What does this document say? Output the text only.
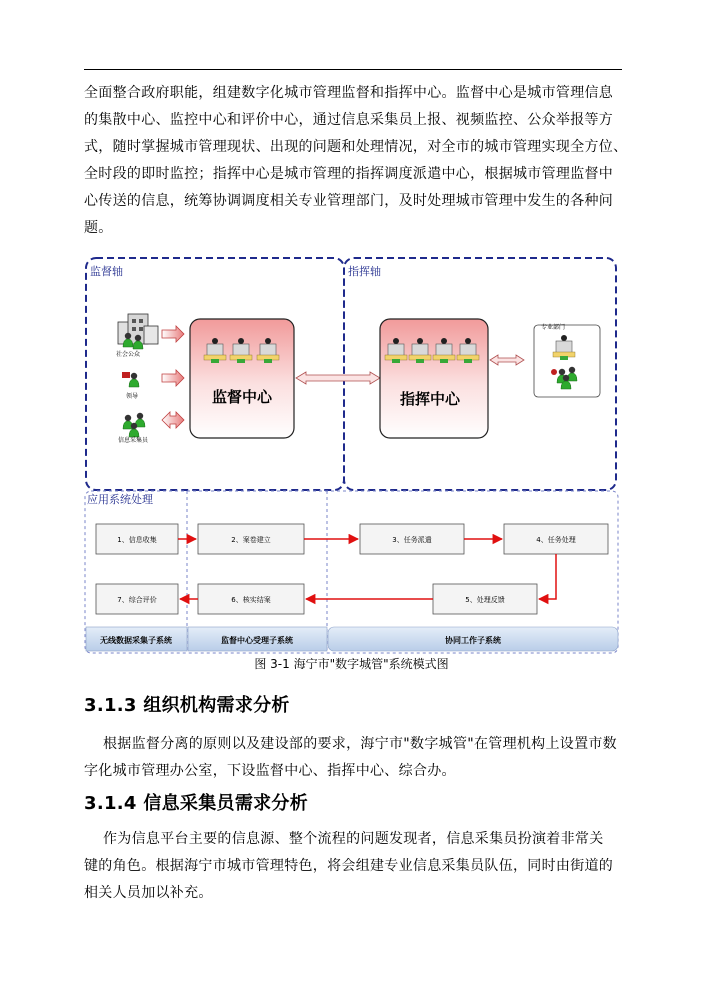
全面整合政府职能，组建数字化城市管理监督和指挥中心。监督中心是城市管理信息
的集散中心、监控中心和评价中心，通过信息采集员上报、视频监控、公众举报等方
式，随时掌握城市管理现状、出现的问题和处理情况，对全市的城市管理实现全方位、
全时段的即时监控；指挥中心是城市管理的指挥调度派遣中心，根据城市管理监督中
心传送的信息，统筹协调调度相关专业管理部门，及时处理城市管理中发生的各种问
题。
监督轴	指挥轴
社会公众
领导
信息采集员
监督中心	指挥中心
专业部门
应用系统处理
1、信息收集	2、案卷建立	3、任务派遣	4、任务处理
5、处理反馈
6、核实结案
7、综合评价
无线数据采集子系统	监督中心受理子系统	协同工作子系统
图 3-1 海宁市"数字城管"系统模式图
3.1.3 组织机构需求分析
根据监督分离的原则以及建设部的要求，海宁市"数字城管"在管理机构上设置市数
字化城市管理办公室，下设监督中心、指挥中心、综合办。
3.1.4 信息采集员需求分析
作为信息平台主要的信息源、整个流程的问题发现者，信息采集员扮演着非常关
键的角色。根据海宁市城市管理特色，将会组建专业信息采集员队伍，同时由街道的
相关人员加以补充。
